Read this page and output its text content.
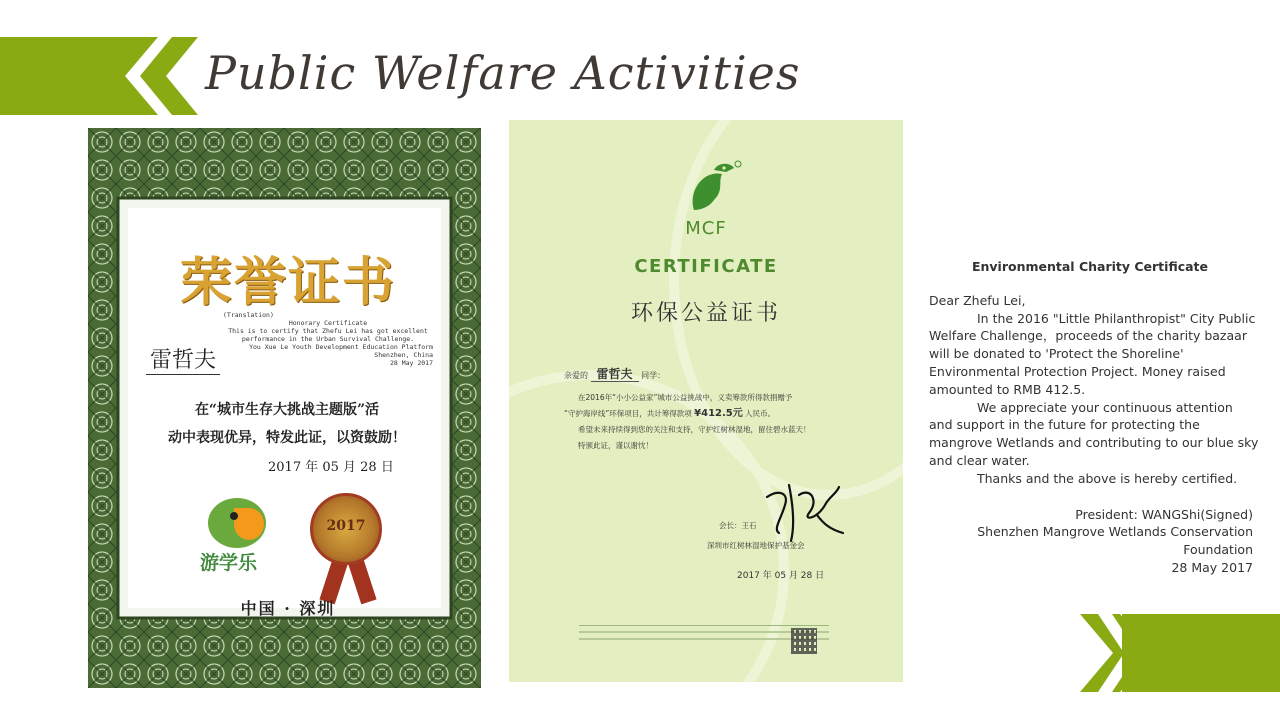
Public Welfare Activities
荣誉证书
(Translation)
Honorary Certificate
This is to certify that Zhefu Lei has got excellent
performance in the Urban Survival Challenge.
You Xue Le Youth Development Education Platform
Shenzhen, China
28 May 2017
雷哲夫
在“城市生存大挑战主题版”活
动中表现优异，特发此证，以资鼓励！
2017 年 05 月 28 日
游学乐
2017
中国 · 深圳
MCF
CERTIFICATE
环保公益证书
亲爱的 雷哲夫 同学：
在2016年“小小公益家”城市公益挑战中，义卖筹款所得款捐赠予
“守护海岸线”环保项目，共计筹得款项 ¥412.5元 人民币。
希望未来持续得到您的关注和支持，守护红树林湿地，留住碧水蓝天！
特颁此证，谨以谢忱！
会长：王石
深圳市红树林湿地保护基金会
2017 年 05 月 28 日
Environmental Charity Certificate

Dear Zhefu Lei,

In the 2016 "Little Philanthropist" City Public Welfare Challenge，proceeds of the charity bazaar will be donated to 'Protect the Shoreline' Environmental Protection Project. Money raised amounted to RMB 412.5.

We appreciate your continuous attention and support in the future for protecting the mangrove Wetlands and contributing to our blue sky and clear water.

Thanks and the above is hereby certified.

President: WANGShi(Signed)
Shenzhen Mangrove Wetlands Conservation Foundation
28 May 2017
